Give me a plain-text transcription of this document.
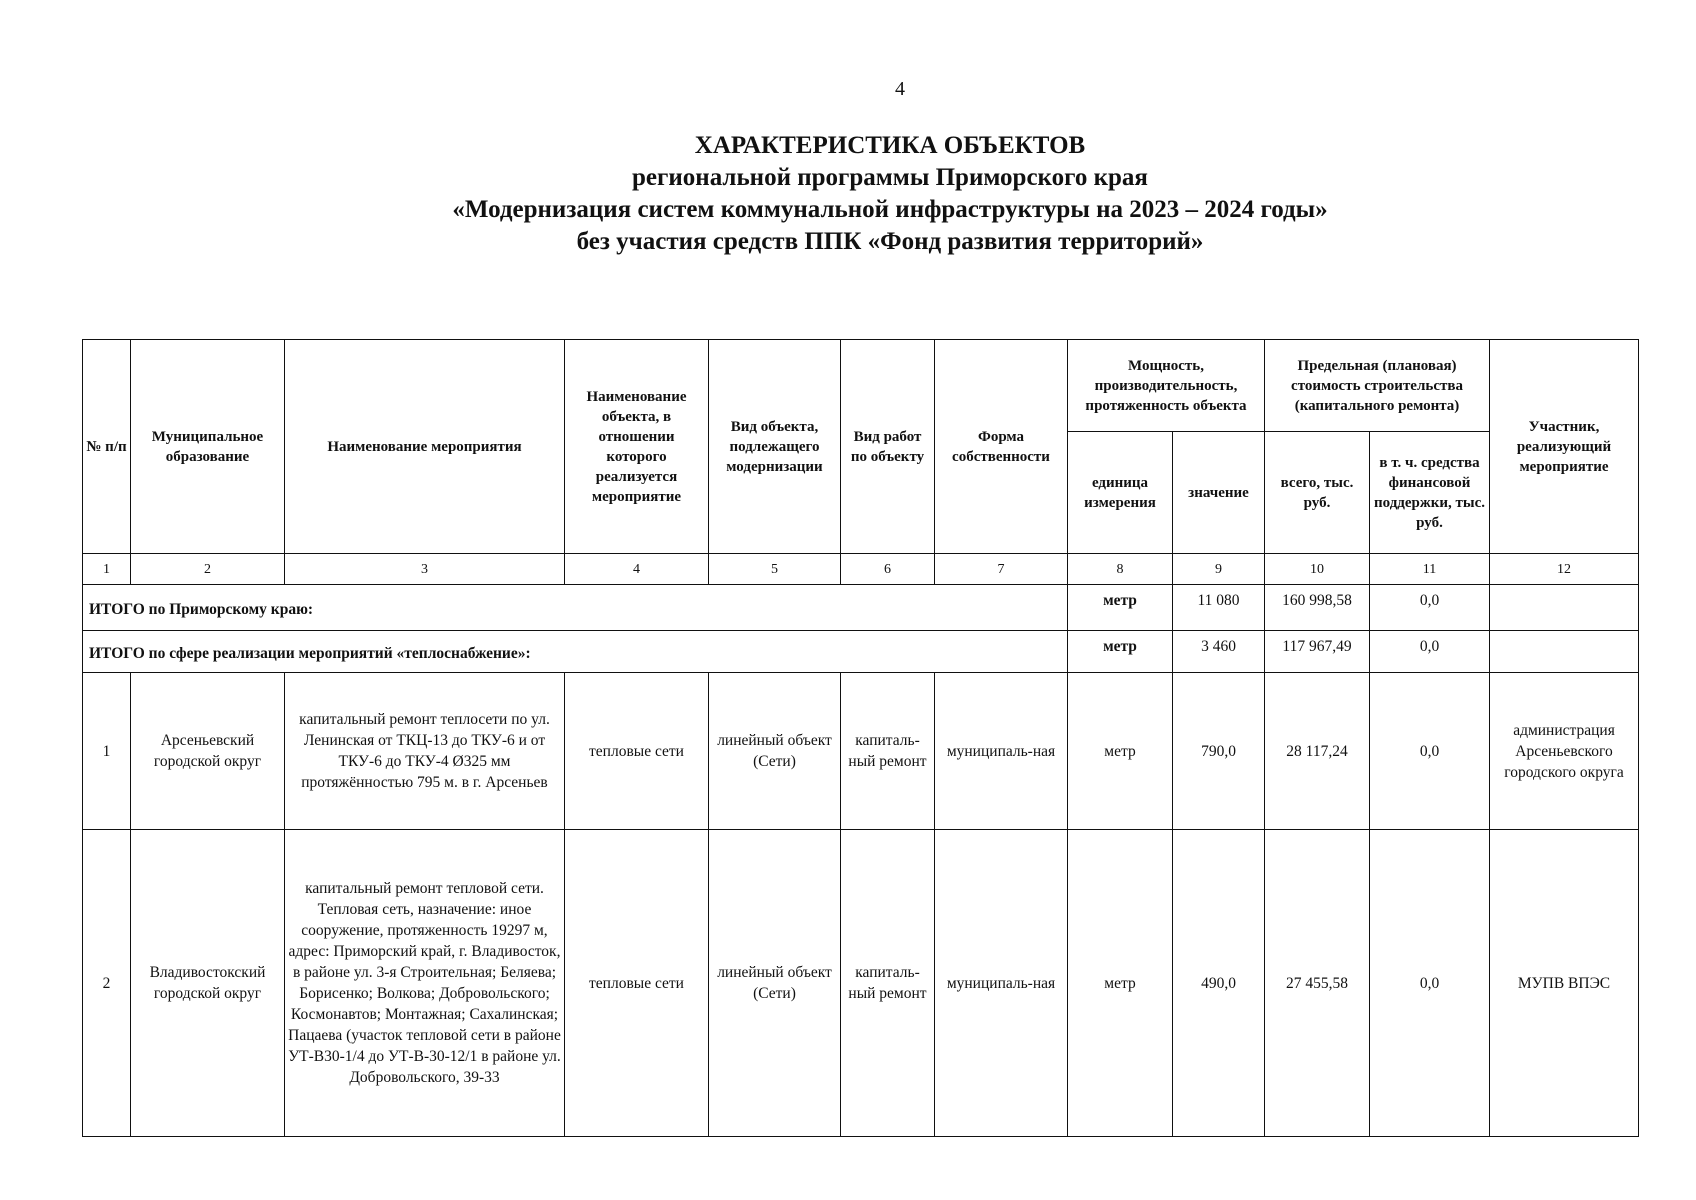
4
ХАРАКТЕРИСТИКА ОБЪЕКТОВ
региональной программы Приморского края
«Модернизация систем коммунальной инфраструктуры на 2023 – 2024 годы»
без участия средств ППК «Фонд развития территорий»
№ п/п	Муниципальное образование	Наименование мероприятия	Наименование объекта, в отношении которого реализуется мероприятие	Вид объекта, подлежащего модернизации	Вид работ по объекту	Форма собственности	Мощность, производительность, протяженность объекта		Предельная (плановая) стоимость строительства (капитального ремонта)		Участник, реализующий мероприятие
							единица измерения	значение	всего, тыс. руб.	в т. ч. средства финансовой поддержки, тыс. руб.	
1	2	3	4	5	6	7	8	9	10	11	12
ИТОГО по Приморскому краю:							метр	11 080	160 998,58	0,0	
ИТОГО по сфере реализации мероприятий «теплоснабжение»:							метр	3 460	117 967,49	0,0	
1	Арсеньевский городской округ	капитальный ремонт теплосети по ул. Ленинская от ТКЦ-13 до ТКУ-6 и от ТКУ-6 до ТКУ-4 Ø325 мм протяжённостью 795 м. в г. Арсеньев	тепловые сети	линейный объект (Сети)	капиталь-ный ремонт	муниципаль-ная	метр	790,0	28 117,24	0,0	администрация Арсеньевского городского округа
2	Владивостокский городской округ	капитальный ремонт тепловой сети. Тепловая сеть, назначение: иное сооружение, протяженность 19297 м, адрес: Приморский край, г. Владивосток, в районе ул. 3-я Строительная; Беляева; Борисенко; Волкова; Добровольского; Космонавтов; Монтажная; Сахалинская; Пацаева (участок тепловой сети в районе УТ-В30-1/4 до УТ-В-30-12/1 в районе ул. Добровольского, 39-33	тепловые сети	линейный объект (Сети)	капиталь-ный ремонт	муниципаль-ная	метр	490,0	27 455,58	0,0	МУПВ ВПЭС
